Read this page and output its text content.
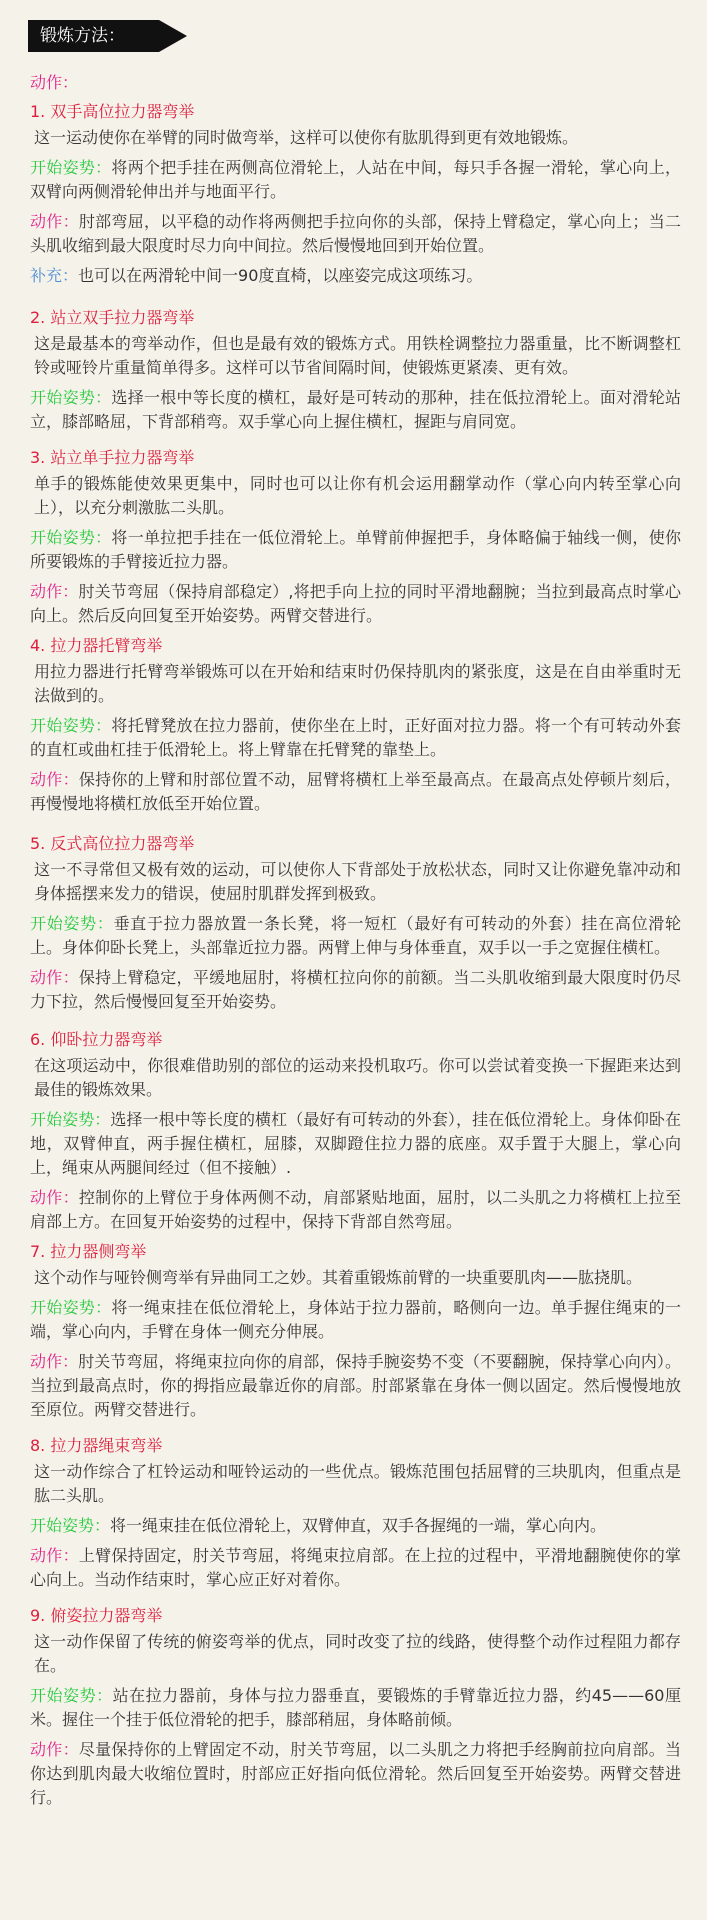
锻炼方法：
动作：
1. 双手高位拉力器弯举

这一运动使你在举臂的同时做弯举，这样可以使你有肱肌得到更有效地锻炼。

开始姿势：将两个把手挂在两侧高位滑轮上，人站在中间，每只手各握一滑轮，掌心向上，双臂向两侧滑轮伸出并与地面平行。

动作：肘部弯屈，以平稳的动作将两侧把手拉向你的头部，保持上臂稳定，掌心向上；当二头肌收缩到最大限度时尽力向中间拉。然后慢慢地回到开始位置。

补充：也可以在两滑轮中间一90度直椅，以座姿完成这项练习。

2. 站立双手拉力器弯举

这是最基本的弯举动作，但也是最有效的锻炼方式。用铁栓调整拉力器重量，比不断调整杠铃或哑铃片重量简单得多。这样可以节省间隔时间，使锻炼更紧凑、更有效。

开始姿势：选择一根中等长度的横杠，最好是可转动的那种，挂在低拉滑轮上。面对滑轮站立，膝部略屈，下背部稍弯。双手掌心向上握住横杠，握距与肩同宽。

3. 站立单手拉力器弯举

单手的锻炼能使效果更集中，同时也可以让你有机会运用翻掌动作（掌心向内转至掌心向上），以充分刺激肱二头肌。

开始姿势：将一单拉把手挂在一低位滑轮上。单臂前伸握把手，身体略偏于轴线一侧，使你所要锻炼的手臂接近拉力器。

动作：肘关节弯屈（保持肩部稳定）,将把手向上拉的同时平滑地翻腕；当拉到最高点时掌心向上。然后反向回复至开始姿势。两臂交替进行。

4. 拉力器托臂弯举

用拉力器进行托臂弯举锻炼可以在开始和结束时仍保持肌肉的紧张度，这是在自由举重时无法做到的。

开始姿势：将托臂凳放在拉力器前，使你坐在上时，正好面对拉力器。将一个有可转动外套的直杠或曲杠挂于低滑轮上。将上臂靠在托臂凳的靠垫上。

动作：保持你的上臂和肘部位置不动，屈臂将横杠上举至最高点。在最高点处停顿片刻后，再慢慢地将横杠放低至开始位置。

5. 反式高位拉力器弯举

这一不寻常但又极有效的运动，可以使你人下背部处于放松状态，同时又让你避免靠冲动和身体摇摆来发力的错误，使屈肘肌群发挥到极致。

开始姿势：垂直于拉力器放置一条长凳，将一短杠（最好有可转动的外套）挂在高位滑轮上。身体仰卧长凳上，头部靠近拉力器。两臂上伸与身体垂直，双手以一手之宽握住横杠。

动作：保持上臂稳定，平缓地屈肘，将横杠拉向你的前额。当二头肌收缩到最大限度时仍尽力下拉，然后慢慢回复至开始姿势。

6. 仰卧拉力器弯举

在这项运动中，你很难借助别的部位的运动来投机取巧。你可以尝试着变换一下握距来达到最佳的锻炼效果。

开始姿势：选择一根中等长度的横杠（最好有可转动的外套），挂在低位滑轮上。身体仰卧在地，双臂伸直，两手握住横杠，屈膝，双脚蹬住拉力器的底座。双手置于大腿上，掌心向上，绳束从两腿间经过（但不接触）.

动作：控制你的上臂位于身体两侧不动，肩部紧贴地面，屈肘，以二头肌之力将横杠上拉至肩部上方。在回复开始姿势的过程中，保持下背部自然弯屈。

7. 拉力器侧弯举

这个动作与哑铃侧弯举有异曲同工之妙。其着重锻炼前臂的一块重要肌肉——肱挠肌。

开始姿势：将一绳束挂在低位滑轮上，身体站于拉力器前，略侧向一边。单手握住绳束的一端，掌心向内，手臂在身体一侧充分伸展。

动作：肘关节弯屈，将绳束拉向你的肩部，保持手腕姿势不变（不要翻腕，保持掌心向内）。当拉到最高点时，你的拇指应最靠近你的肩部。肘部紧靠在身体一侧以固定。然后慢慢地放至原位。两臂交替进行。

8. 拉力器绳束弯举

这一动作综合了杠铃运动和哑铃运动的一些优点。锻炼范围包括屈臂的三块肌肉，但重点是肱二头肌。

开始姿势：将一绳束挂在低位滑轮上，双臂伸直，双手各握绳的一端，掌心向内。

动作：上臂保持固定，肘关节弯屈，将绳束拉肩部。在上拉的过程中，平滑地翻腕使你的掌心向上。当动作结束时，掌心应正好对着你。

9. 俯姿拉力器弯举

这一动作保留了传统的俯姿弯举的优点，同时改变了拉的线路，使得整个动作过程阻力都存在。

开始姿势：站在拉力器前，身体与拉力器垂直，要锻炼的手臂靠近拉力器，约45——60厘米。握住一个挂于低位滑轮的把手，膝部稍屈，身体略前倾。

动作：尽量保持你的上臂固定不动，肘关节弯屈，以二头肌之力将把手经胸前拉向肩部。当你达到肌肉最大收缩位置时，肘部应正好指向低位滑轮。然后回复至开始姿势。两臂交替进行。
